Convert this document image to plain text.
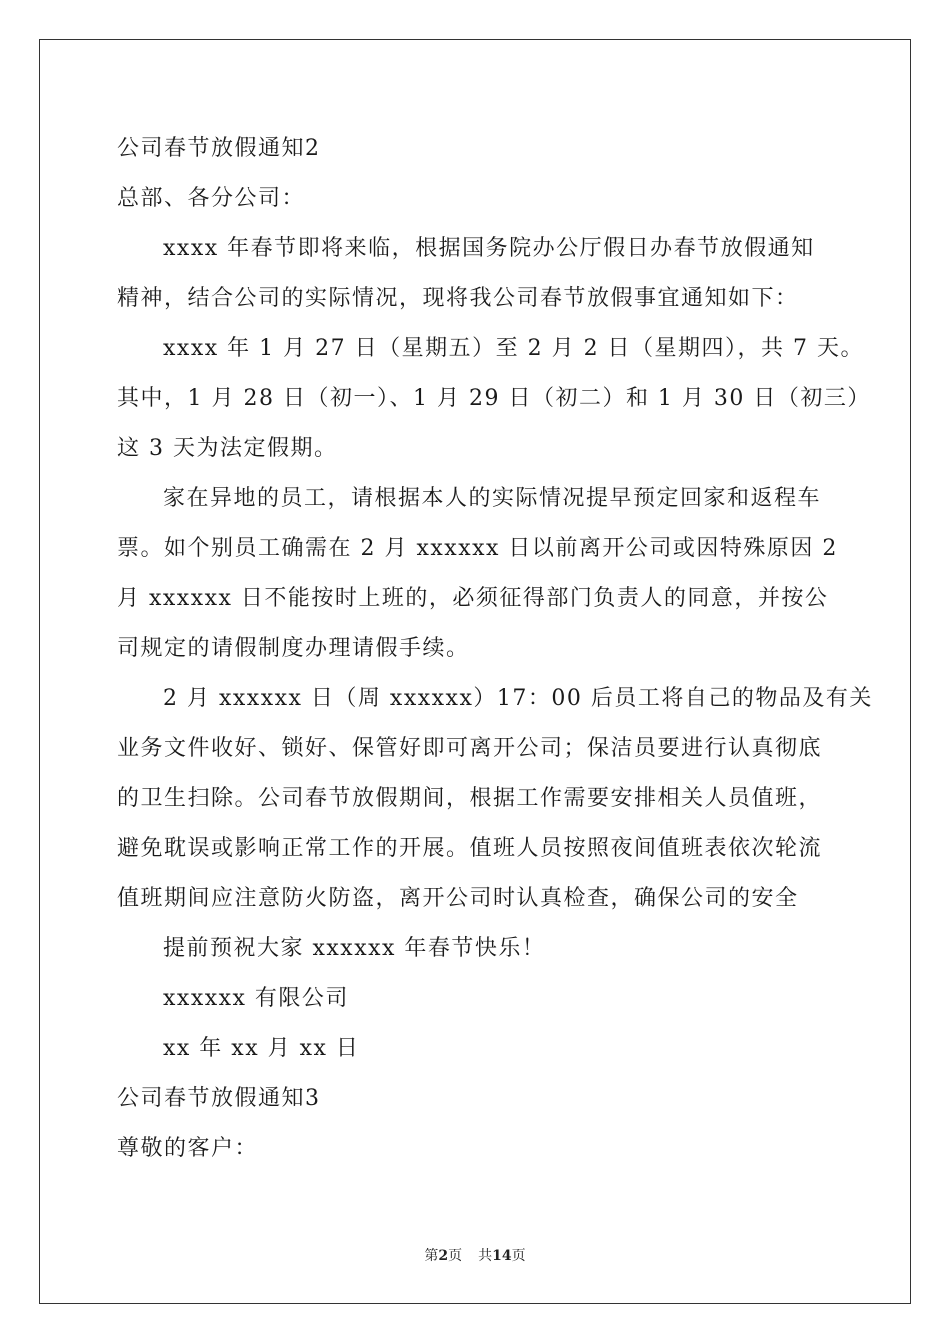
公司春节放假通知2
总部、各分公司：
xxxx 年春节即将来临，根据国务院办公厅假日办春节放假通知
精神，结合公司的实际情况，现将我公司春节放假事宜通知如下：
xxxx 年 1 月 27 日（星期五）至 2 月 2 日（星期四），共 7 天。
其中，1 月 28 日（初一）、1 月 29 日（初二）和 1 月 30 日（初三）
这 3 天为法定假期。
家在异地的员工，请根据本人的实际情况提早预定回家和返程车
票。如个别员工确需在 2 月 xxxxxx 日以前离开公司或因特殊原因 2
月 xxxxxx 日不能按时上班的，必须征得部门负责人的同意，并按公
司规定的请假制度办理请假手续。
2 月 xxxxxx 日（周 xxxxxx）17：00 后员工将自己的物品及有关
业务文件收好、锁好、保管好即可离开公司；保洁员要进行认真彻底
的卫生扫除。公司春节放假期间，根据工作需要安排相关人员值班，
避免耽误或影响正常工作的开展。值班人员按照夜间值班表依次轮流
值班期间应注意防火防盗，离开公司时认真检查，确保公司的安全
提前预祝大家 xxxxxx 年春节快乐！
xxxxxx 有限公司
xx 年 xx 月 xx 日
公司春节放假通知3
尊敬的客户：
第2页 共14页
